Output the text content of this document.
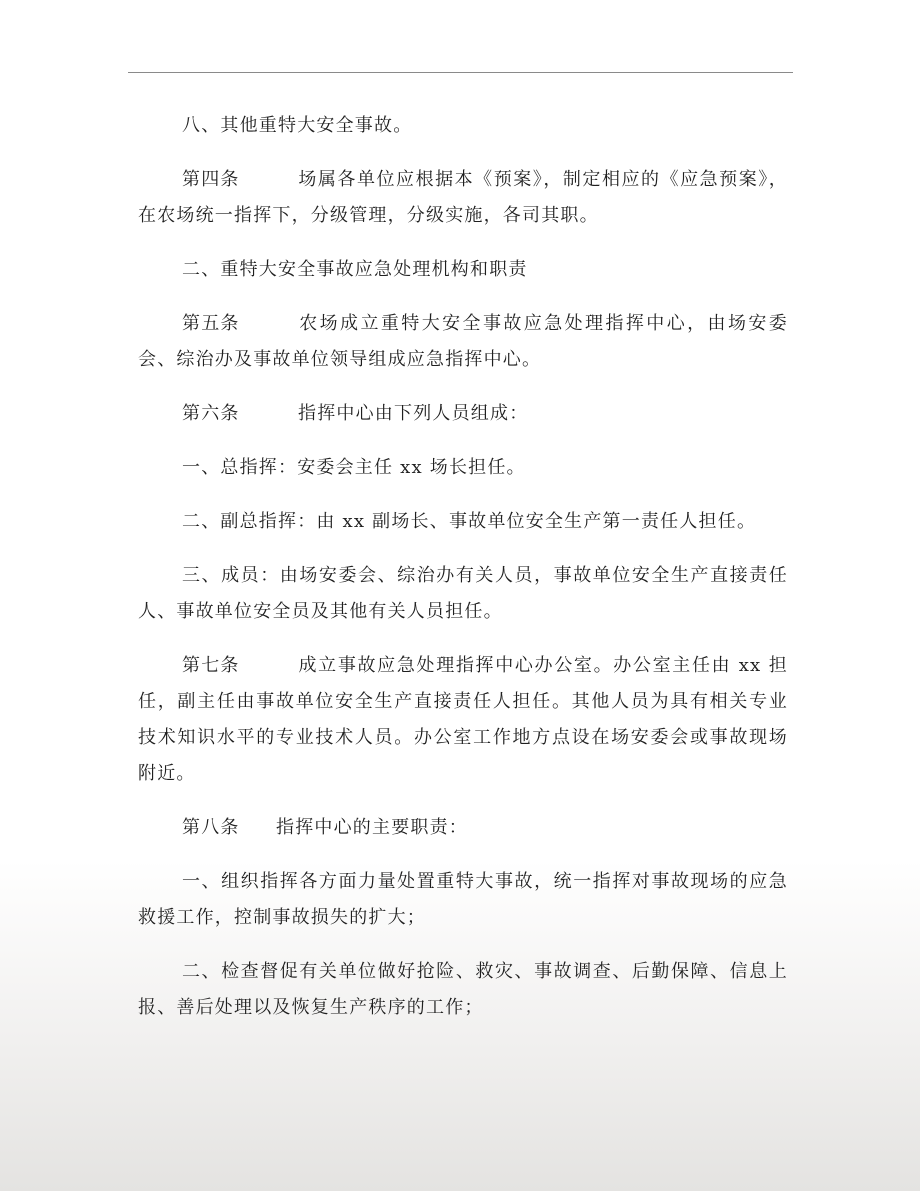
八、其他重特大安全事故。

第四条	场属各单位应根据本《预案》，制定相应的《应急预案》，在农场统一指挥下，分级管理，分级实施，各司其职。

二、重特大安全事故应急处理机构和职责

第五条	农场成立重特大安全事故应急处理指挥中心，由场安委会、综治办及事故单位领导组成应急指挥中心。

第六条	指挥中心由下列人员组成：

一、总指挥：安委会主任 xx 场长担任。

二、副总指挥：由 xx 副场长、事故单位安全生产第一责任人担任。

三、成员：由场安委会、综治办有关人员，事故单位安全生产直接责任人、事故单位安全员及其他有关人员担任。

第七条	成立事故应急处理指挥中心办公室。办公室主任由 xx 担任，副主任由事故单位安全生产直接责任人担任。其他人员为具有相关专业技术知识水平的专业技术人员。办公室工作地方点设在场安委会或事故现场附近。

第八条 指挥中心的主要职责：

一、组织指挥各方面力量处置重特大事故，统一指挥对事故现场的应急救援工作，控制事故损失的扩大；

二、检查督促有关单位做好抢险、救灾、事故调查、后勤保障、信息上报、善后处理以及恢复生产秩序的工作；
